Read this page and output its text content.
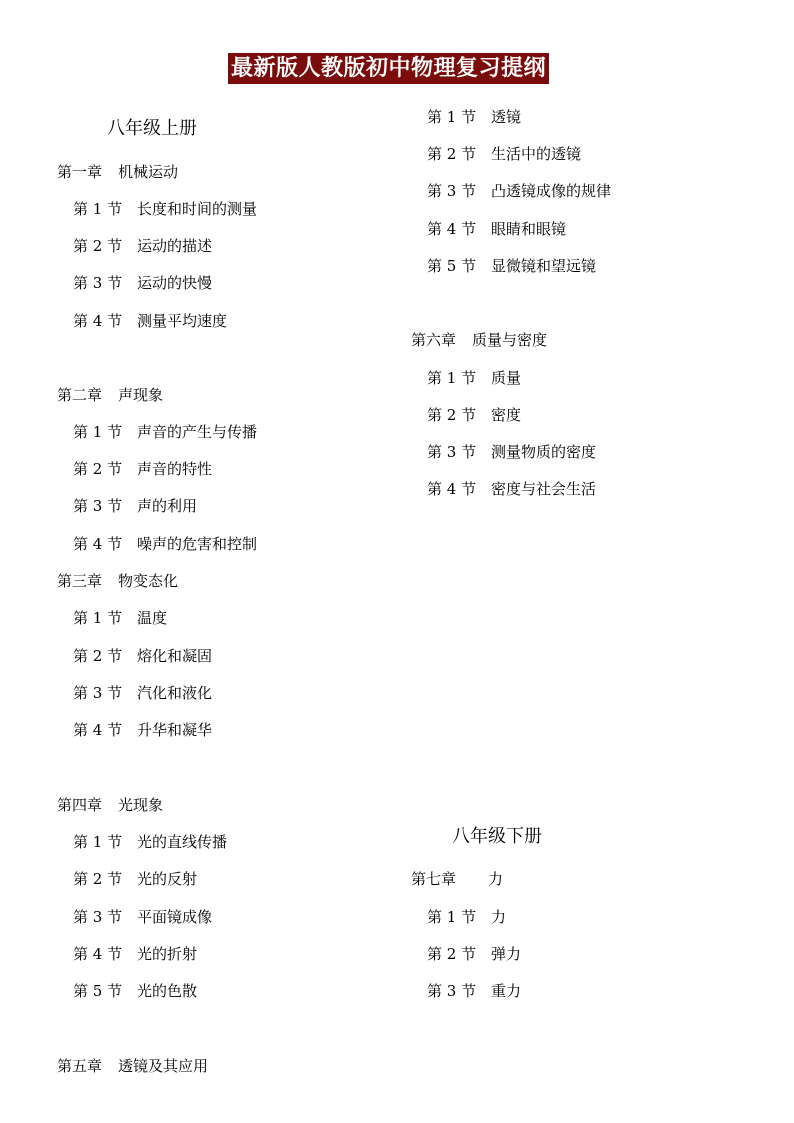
最新版人教版初中物理复习提纲
八年级上册
第一章 机械运动
第 1 节 长度和时间的测量
第 2 节 运动的描述
第 3 节 运动的快慢
第 4 节 测量平均速度
第二章 声现象
第 1 节 声音的产生与传播
第 2 节 声音的特性
第 3 节 声的利用
第 4 节 噪声的危害和控制
第三章 物变态化
第 1 节 温度
第 2 节 熔化和凝固
第 3 节 汽化和液化
第 4 节 升华和凝华
第四章 光现象
第 1 节 光的直线传播
第 2 节 光的反射
第 3 节 平面镜成像
第 4 节 光的折射
第 5 节 光的色散
第五章 透镜及其应用
第 1 节 透镜
第 2 节 生活中的透镜
第 3 节 凸透镜成像的规律
第 4 节 眼睛和眼镜
第 5 节 显微镜和望远镜
第六章 质量与密度
第 1 节 质量
第 2 节 密度
第 3 节 测量物质的密度
第 4 节 密度与社会生活
八年级下册
第七章 力
第 1 节 力
第 2 节 弹力
第 3 节 重力
